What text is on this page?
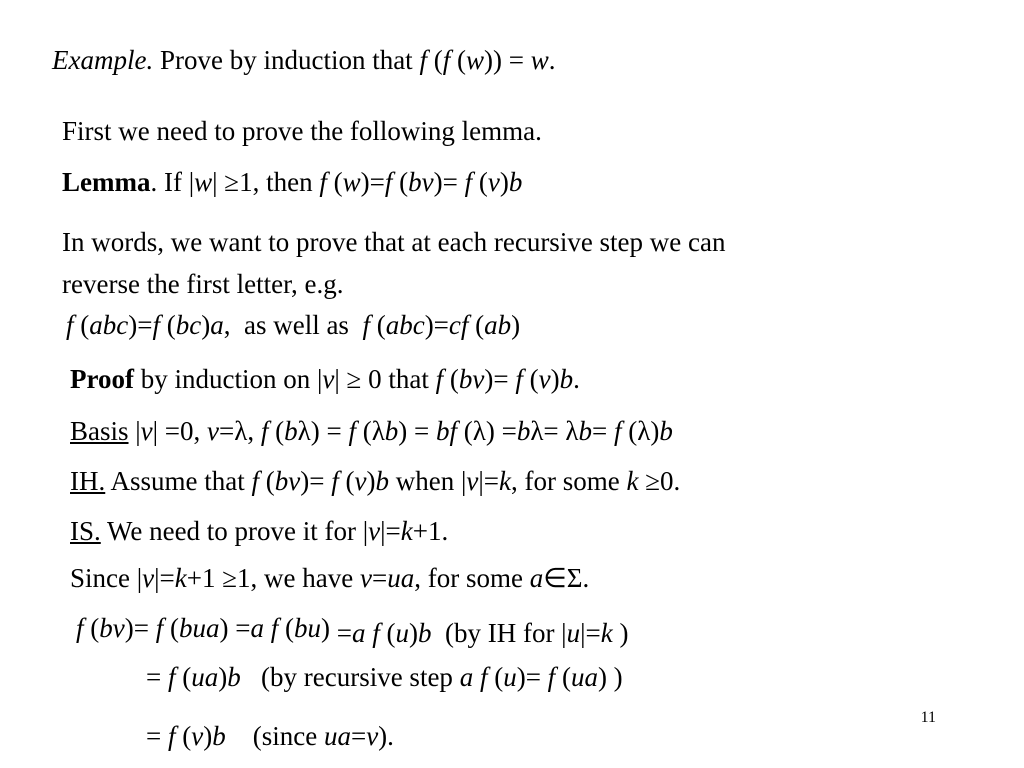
Example. Prove by induction that f (f (w)) = w.
First we need to prove the following lemma.
Lemma. If |w| ≥1, then f (w)=f (bv)= f (v)b
In words, we want to prove that at each recursive step we can
reverse the first letter, e.g.
f (abc)=f (bc)a,  as well as  f (abc)=cf (ab)
Proof by induction on |v| ≥ 0 that f (bv)= f (v)b.
Basis |v| =0, v=λ, f (bλ) = f (λb) = bf (λ) =bλ= λb= f (λ)b
IH. Assume that f (bv)= f (v)b when |v|=k, for some k ≥0.
IS. We need to prove it for |v|=k+1.
Since |v|=k+1 ≥1, we have v=ua, for some a∈Σ.
f (bv)= f (bua) =a f (bu) =a f (u)b  (by IH for |u|=k )
= f (ua)b   (by recursive step a f (u)= f (ua) )
= f (v)b    (since ua=v).
11
